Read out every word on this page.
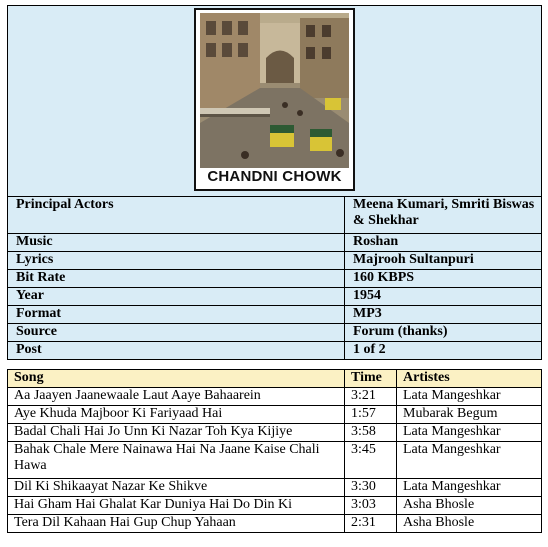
CHANDNI CHOWK	

Principal Actors	Meena Kumari, Smriti Biswas & Shekhar
Music	Roshan
Lyrics	Majrooh Sultanpuri
Bit Rate	160 KBPS
Year	1954
Format	MP3
Source	Forum (thanks)
Post	1 of 2
Song	Time	Artistes
Aa Jaayen Jaanewaale Laut Aaye Bahaarein	3:21	Lata Mangeshkar
Aye Khuda Majboor Ki Fariyaad Hai	1:57	Mubarak Begum
Badal Chali Hai Jo Unn Ki Nazar Toh Kya Kijiye	3:58	Lata Mangeshkar
Bahak Chale Mere Nainawa Hai Na Jaane Kaise Chali Hawa	3:45	Lata Mangeshkar
Dil Ki Shikaayat Nazar Ke Shikve	3:30	Lata Mangeshkar
Hai Gham Hai Ghalat Kar Duniya Hai Do Din Ki	3:03	Asha Bhosle
Tera Dil Kahaan Hai Gup Chup Yahaan	2:31	Asha Bhosle
